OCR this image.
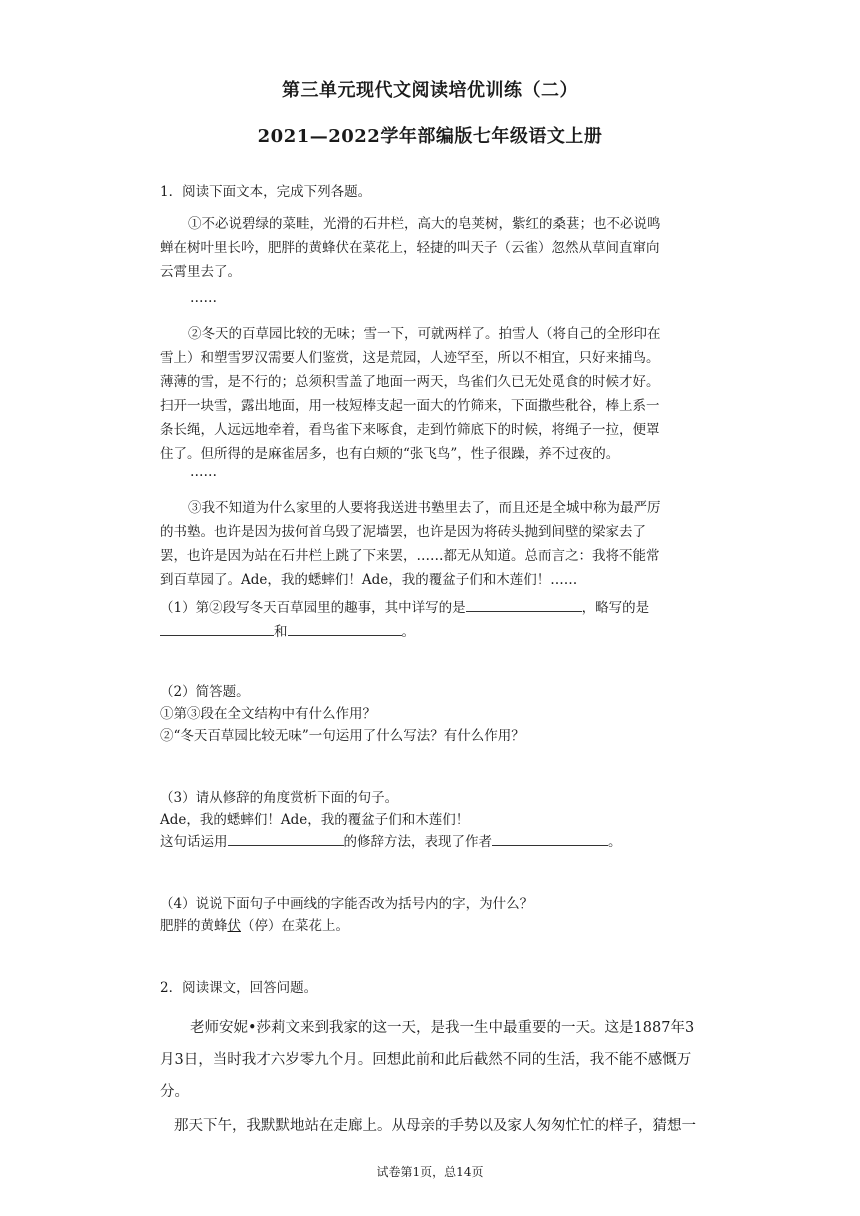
第三单元现代文阅读培优训练（二）
2021—2022学年部编版七年级语文上册
1．阅读下面文本，完成下列各题。
①不必说碧绿的菜畦，光滑的石井栏，高大的皂荚树，紫红的桑葚；也不必说鸣
蝉在树叶里长吟，肥胖的黄蜂伏在菜花上，轻捷的叫天子（云雀）忽然从草间直窜向
云霄里去了。
……
②冬天的百草园比较的无味；雪一下，可就两样了。拍雪人（将自己的全形印在
雪上）和塑雪罗汉需要人们鉴赏，这是荒园，人迹罕至，所以不相宜，只好来捕鸟。
薄薄的雪，是不行的；总须积雪盖了地面一两天，鸟雀们久已无处觅食的时候才好。
扫开一块雪，露出地面，用一枝短棒支起一面大的竹筛来，下面撒些秕谷，棒上系一
条长绳，人远远地牵着，看鸟雀下来啄食，走到竹筛底下的时候，将绳子一拉，便罩
住了。但所得的是麻雀居多，也有白颊的“张飞鸟”，性子很躁，养不过夜的。
……
③我不知道为什么家里的人要将我送进书塾里去了，而且还是全城中称为最严厉
的书塾。也许是因为拔何首乌毁了泥墙罢，也许是因为将砖头抛到间壁的梁家去了
罢，也许是因为站在石井栏上跳了下来罢，……都无从知道。总而言之：我将不能常
到百草园了。Ade，我的蟋蟀们！Ade，我的覆盆子们和木莲们！……
（1）第②段写冬天百草园里的趣事，其中详写的是	，略写的是
和	。
（2）简答题。
①第③段在全文结构中有什么作用？
②“冬天百草园比较无味”一句运用了什么写法？有什么作用？
（3）请从修辞的角度赏析下面的句子。
Ade，我的蟋蟀们！Ade，我的覆盆子们和木莲们！
这句话运用	的修辞方法，表现了作者	。
（4）说说下面句子中画线的字能否改为括号内的字，为什么？
肥胖的黄蜂伏（停）在菜花上。
2．阅读课文，回答问题。
老师安妮•莎莉文来到我家的这一天，是我一生中最重要的一天。这是1887年3
月3日，当时我才六岁零九个月。回想此前和此后截然不同的生活，我不能不感慨万
分。
那天下午，我默默地站在走廊上。从母亲的手势以及家人匆匆忙忙的样子，猜想一
试卷第1页，总14页
